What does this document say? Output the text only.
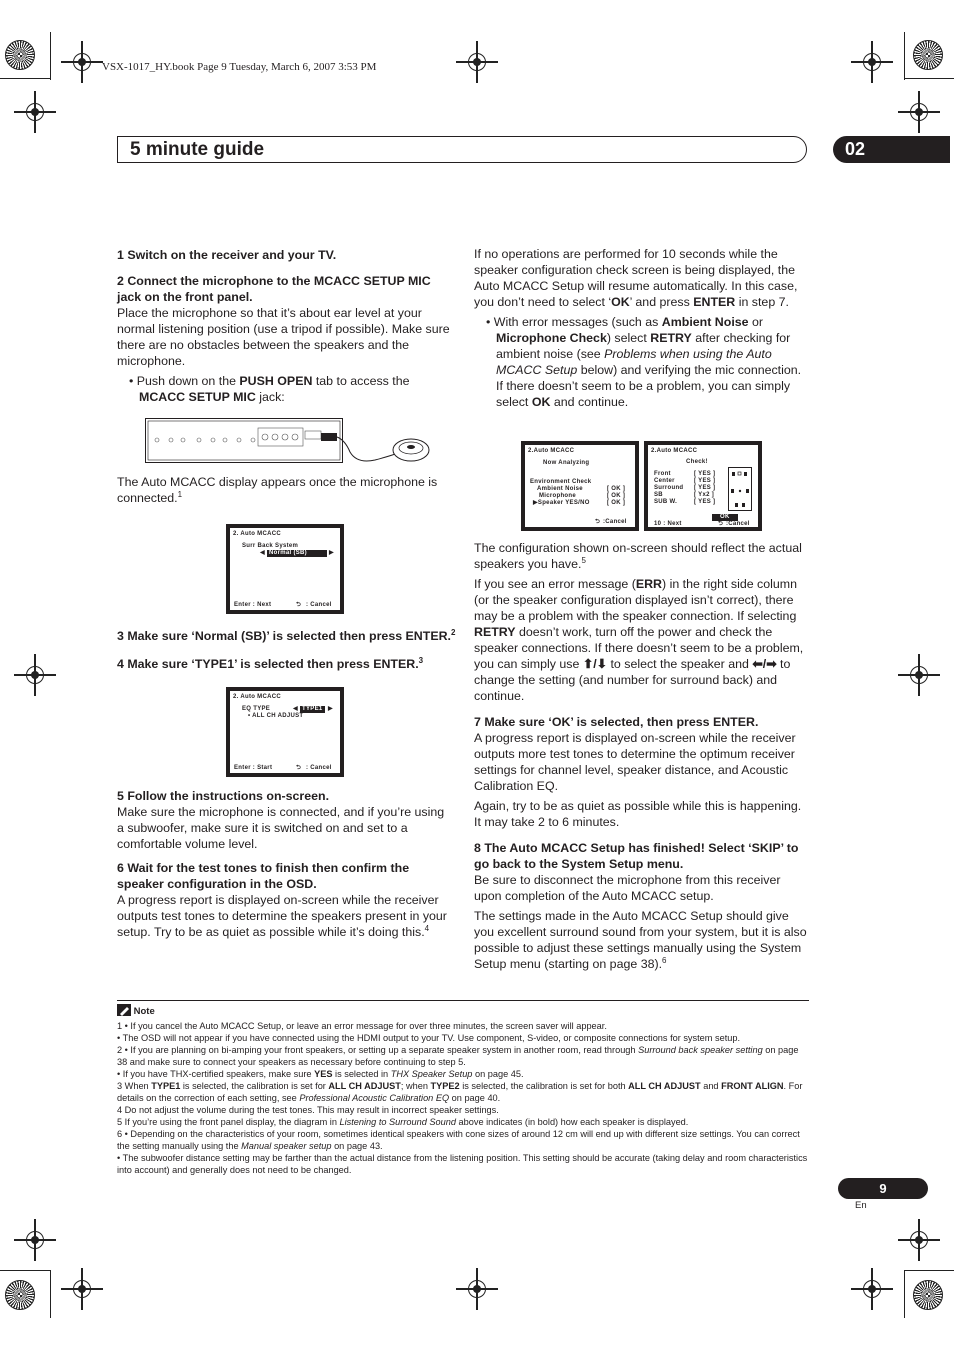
VSX-1017_HY.book Page 9 Tuesday, March 6, 2007 3:53 PM
5 minute guide	02

1 Switch on the receiver and your TV.

2 Connect the microphone to the MCACC SETUP MIC jack on the front panel.

Place the microphone so that it’s about ear level at your normal listening position (use a tripod if possible). Make sure there are no obstacles between the speakers and the microphone.

• Push down on the PUSH OPEN tab to access the MCACC SETUP MIC jack:

The Auto MCACC display appears once the microphone is connected.$^1$

2. Auto MCACC
Surr Back System
◀ Normal (SB)	▶
Enter : Next	⮌ : Cancel

3 Make sure ‘Normal (SB)’ is selected then press ENTER.$^2$

4 Make sure ‘TYPE1’ is selected then press ENTER.$^3$

2. Auto MCACC
EQ TYPE	◀ TYPE1 ▶
• ALL CH ADJUST
Enter : Start	⮌ : Cancel

5 Follow the instructions on-screen.

Make sure the microphone is connected, and if you’re using a subwoofer, make sure it is switched on and set to a comfortable volume level.

6 Wait for the test tones to finish then confirm the speaker configuration in the OSD.

A progress report is displayed on-screen while the receiver outputs test tones to determine the speakers present in your setup. Try to be as quiet as possible while it’s doing this.$^4$

If no operations are performed for 10 seconds while the speaker configuration check screen is being displayed, the Auto MCACC Setup will resume automatically. In this case, you don’t need to select ‘OK’ and press ENTER in step 7.

• With error messages (such as Ambient Noise or Microphone Check) select RETRY after checking for ambient noise (see Problems when using the Auto MCACC Setup below) and verifying the mic connection. If there doesn’t seem to be a problem, you can simply select OK and continue.

2.Auto MCACC
Now Analyzing
Environment Check
Ambient Noise	[ OK ]
Microphone	[ OK ]
▶Speaker YES/NO	[ OK ]
⮌ :Cancel
2.Auto MCACC
Check!
Front	[ YES ]
Center	[ YES ]
Surround [ YES ]
SB	[ Yx2 ]
SUB W.	[ YES ]
OK
10 : Next	⮌ :Cancel

The configuration shown on-screen should reflect the actual speakers you have.$^5$

If you see an error message (ERR) in the right side column (or the speaker configuration displayed isn’t correct), there may be a problem with the speaker connection. If selecting RETRY doesn’t work, turn off the power and check the speaker connections. If there doesn’t seem to be a problem, you can simply use ⬆/⬇ to select the speaker and ⬅/➡ to change the setting (and number for surround back) and continue.

7 Make sure ‘OK’ is selected, then press ENTER.

A progress report is displayed on-screen while the receiver outputs more test tones to determine the optimum receiver settings for channel level, speaker distance, and Acoustic Calibration EQ.

Again, try to be as quiet as possible while this is happening. It may take 2 to 6 minutes.

8 The Auto MCACC Setup has finished! Select ‘SKIP’ to go back to the System Setup menu.

Be sure to disconnect the microphone from this receiver upon completion of the Auto MCACC setup.

The settings made in the Auto MCACC Setup should give you excellent surround sound from your system, but it is also possible to adjust these settings manually using the System Setup menu (starting on page 38).$^6$

Note
1 • If you cancel the Auto MCACC Setup, or leave an error message for over three minutes, the screen saver will appear.
• The OSD will not appear if you have connected using the HDMI output to your TV. Use component, S-video, or composite connections for system setup.
2 • If you are planning on bi-amping your front speakers, or setting up a separate speaker system in another room, read through Surround back speaker setting on page 38 and make sure to connect your speakers as necessary before continuing to step 5.
• If you have THX-certified speakers, make sure YES is selected in THX Speaker Setup on page 45.
3 When TYPE1 is selected, the calibration is set for ALL CH ADJUST; when TYPE2 is selected, the calibration is set for both ALL CH ADJUST and FRONT ALIGN. For details on the correction of each setting, see Professional Acoustic Calibration EQ on page 40.
4 Do not adjust the volume during the test tones. This may result in incorrect speaker settings.
5 If you’re using the front panel display, the diagram in Listening to Surround Sound above indicates (in bold) how each speaker is displayed.
6 • Depending on the characteristics of your room, sometimes identical speakers with cone sizes of around 12 cm will end up with different size settings. You can correct the setting manually using the Manual speaker setup on page 43.
• The subwoofer distance setting may be farther than the actual distance from the listening position. This setting should be accurate (taking delay and room characteristics into account) and generally does not need to be changed.
9
En
